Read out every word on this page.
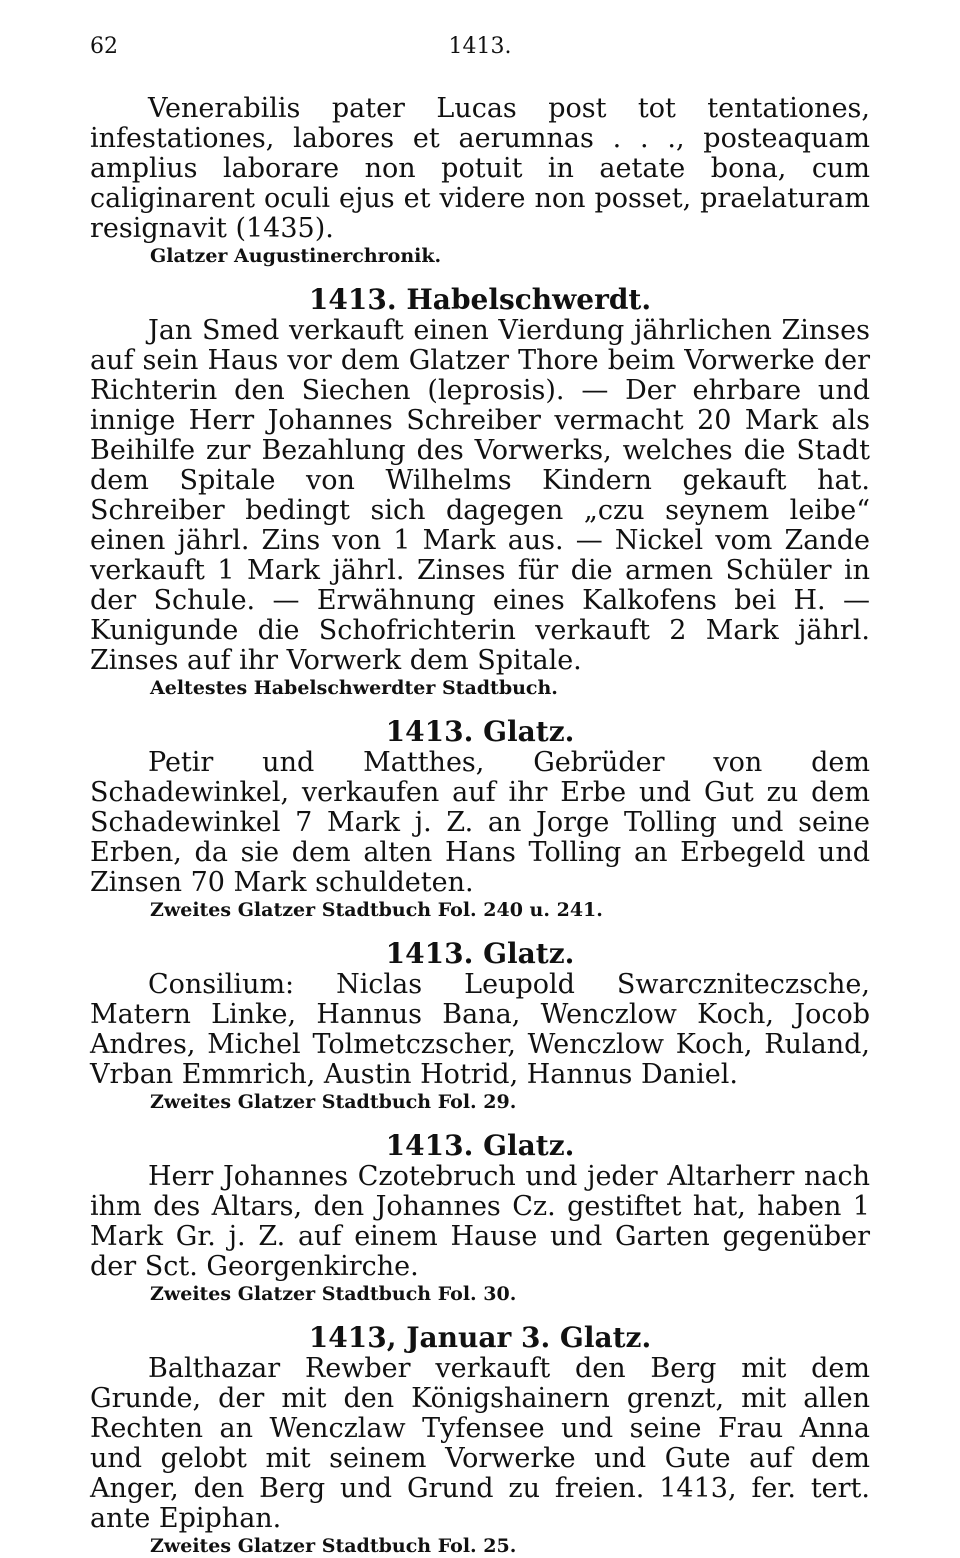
62	1413.

Venerabilis pater Lucas post tot tentationes, infestationes, labores et aerumnas . . ., posteaquam amplius laborare non potuit in aetate bona, cum caliginarent oculi ejus et videre non posset, praelaturam resignavit (1435).

Glatzer Augustinerchronik.

1413. Habelschwerdt.

Jan Smed verkauft einen Vierdung jährlichen Zinses auf sein Haus vor dem Glatzer Thore beim Vorwerke der Richterin den Siechen (leprosis). — Der ehrbare und innige Herr Johannes Schreiber vermacht 20 Mark als Beihilfe zur Bezahlung des Vorwerks, welches die Stadt dem Spitale von Wilhelms Kindern gekauft hat. Schreiber bedingt sich dagegen „czu seynem leibe“ einen jährl. Zins von 1 Mark aus. — Nickel vom Zande verkauft 1 Mark jährl. Zinses für die armen Schüler in der Schule. — Erwähnung eines Kalkofens bei H. — Kunigunde die Schofrichterin verkauft 2 Mark jährl. Zinses auf ihr Vorwerk dem Spitale.

Aeltestes Habelschwerdter Stadtbuch.

1413. Glatz.

Petir und Matthes, Gebrüder von dem Schadewinkel, verkaufen auf ihr Erbe und Gut zu dem Schadewinkel 7 Mark j. Z. an Jorge Tolling und seine Erben, da sie dem alten Hans Tolling an Erbegeld und Zinsen 70 Mark schuldeten.

Zweites Glatzer Stadtbuch Fol. 240 u. 241.

1413. Glatz.

Consilium: Niclas Leupold Swarczniteczsche, Matern Linke, Hannus Bana, Wenczlow Koch, Jocob Andres, Michel Tolmetczscher, Wenczlow Koch, Ruland, Vrban Emmrich, Austin Hotrid, Hannus Daniel.

Zweites Glatzer Stadtbuch Fol. 29.

1413. Glatz.

Herr Johannes Czotebruch und jeder Altarherr nach ihm des Altars, den Johannes Cz. gestiftet hat, haben 1 Mark Gr. j. Z. auf einem Hause und Garten gegenüber der Sct. Georgenkirche.

Zweites Glatzer Stadtbuch Fol. 30.

1413, Januar 3. Glatz.

Balthazar Rewber verkauft den Berg mit dem Grunde, der mit den Königshainern grenzt, mit allen Rechten an Wenczlaw Tyfensee und seine Frau Anna und gelobt mit seinem Vorwerke und Gute auf dem Anger, den Berg und Grund zu freien. 1413, fer. tert. ante Epiphan.

Zweites Glatzer Stadtbuch Fol. 25.
